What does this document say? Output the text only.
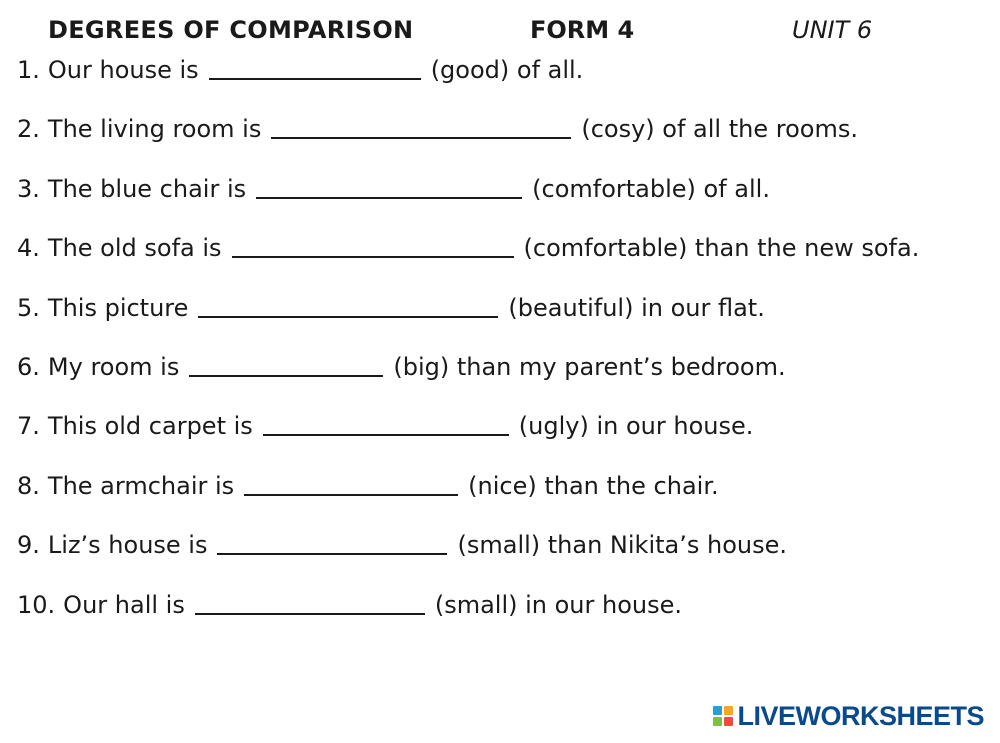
DEGREES OF COMPARISON	FORM 4	UNIT 6
1. Our house is	(good) of all.
2. The living room is	(cosy) of all the rooms.
3. The blue chair is	(comfortable) of all.
4. The old sofa is	(comfortable) than the new sofa.
5. This picture	(beautiful) in our flat.
6. My room is	(big) than my parent’s bedroom.
7. This old carpet is	(ugly) in our house.
8. The armchair is	(nice) than the chair.
9. Liz’s house is	(small) than Nikita’s house.
10. Our hall is	(small) in our house.
LIVEWORKSHEETS
